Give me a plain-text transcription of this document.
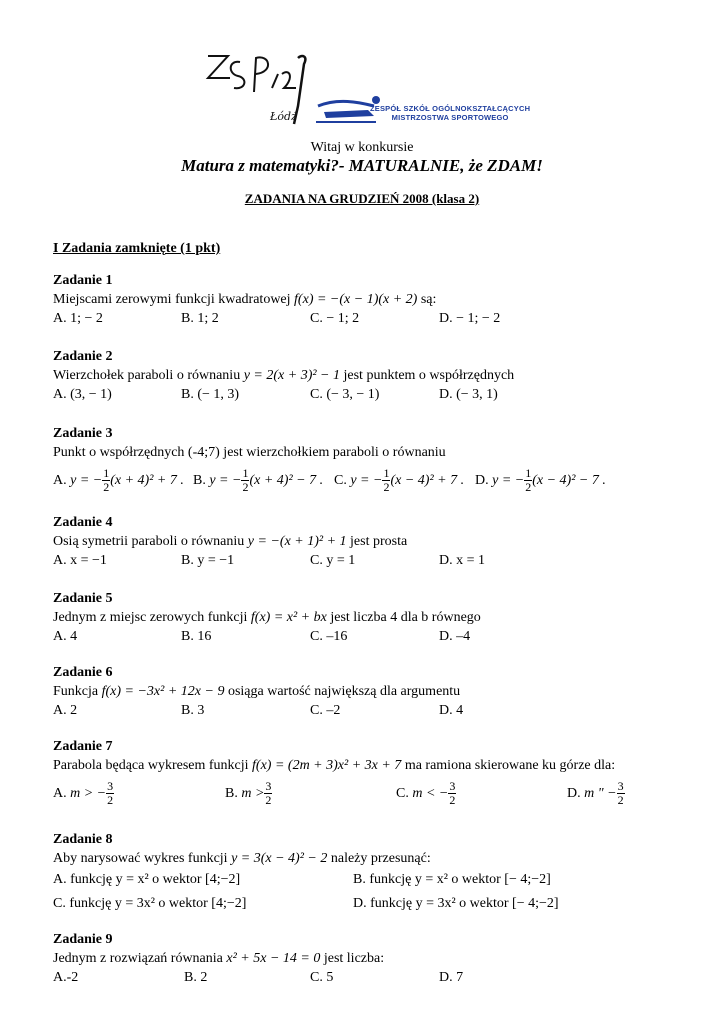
Łódź
ZESPÓŁ SZKÓŁ OGÓLNOKSZTAŁCĄCYCH
MISTRZOSTWA SPORTOWEGO
Witaj w konkursie
Matura z matematyki?- MATURALNIE, że ZDAM!
ZADANIA NA GRUDZIEŃ 2008 (klasa 2)
I Zadania zamknięte (1 pkt)
Zadanie 1
Miejscami zerowymi funkcji kwadratowej f(x) = −(x − 1)(x + 2) są:
A. 1; − 2	B. 1; 2	C. − 1; 2	D. − 1; − 2
Zadanie 2
Wierzchołek paraboli o równaniu y = 2(x + 3)² − 1 jest punktem o współrzędnych
A. (3, − 1)	B. (− 1, 3)	C. (− 3, − 1)	D. (− 3, 1)
Zadanie 3
Punkt o współrzędnych (-4;7) jest wierzchołkiem paraboli o równaniu
A. y = − $\frac{1}{2} (x + 4)^2 + 7$ . B. y = − $\frac{1}{2} (x + 4)^2 - 7$ . C. y = − $\frac{1}{2} (x - 4)^2 + 7$ . D. y = − $\frac{1}{2} (x - 4)^2 - 7$ .
Zadanie 4
Osią symetrii paraboli o równaniu y = −(x + 1)² + 1 jest prosta
A. x = −1	B. y = −1	C. y = 1	D. x = 1
Zadanie 5
Jednym z miejsc zerowych funkcji f(x) = x² + bx jest liczba 4 dla b równego
A. 4	B. 16	C. –16	D. –4
Zadanie 6
Funkcja f(x) = −3x² + 12x − 9 osiąga wartość największą dla argumentu
A. 2	B. 3	C. –2	D. 4
Zadanie 7
Parabola będąca wykresem funkcji f(x) = (2m + 3)x² + 3x + 7 ma ramiona skierowane ku górze dla:
A. m > − $\frac{3}{2}$	B. $m > \frac{3}{2}$	C. m < − $\frac{3}{2}$	D. m " − $\frac{3}{2}$
Zadanie 8
Aby narysować wykres funkcji y = 3(x − 4)² − 2 należy przesunąć:
A. funkcję y = x² o wektor [4;−2]	B. funkcję y = x² o wektor [− 4;−2]
C. funkcję y = 3x² o wektor [4;−2]	D. funkcję y = 3x² o wektor [− 4;−2]
Zadanie 9
Jednym z rozwiązań równania x² + 5x − 14 = 0 jest liczba:
A.-2	B. 2	C. 5	D. 7
